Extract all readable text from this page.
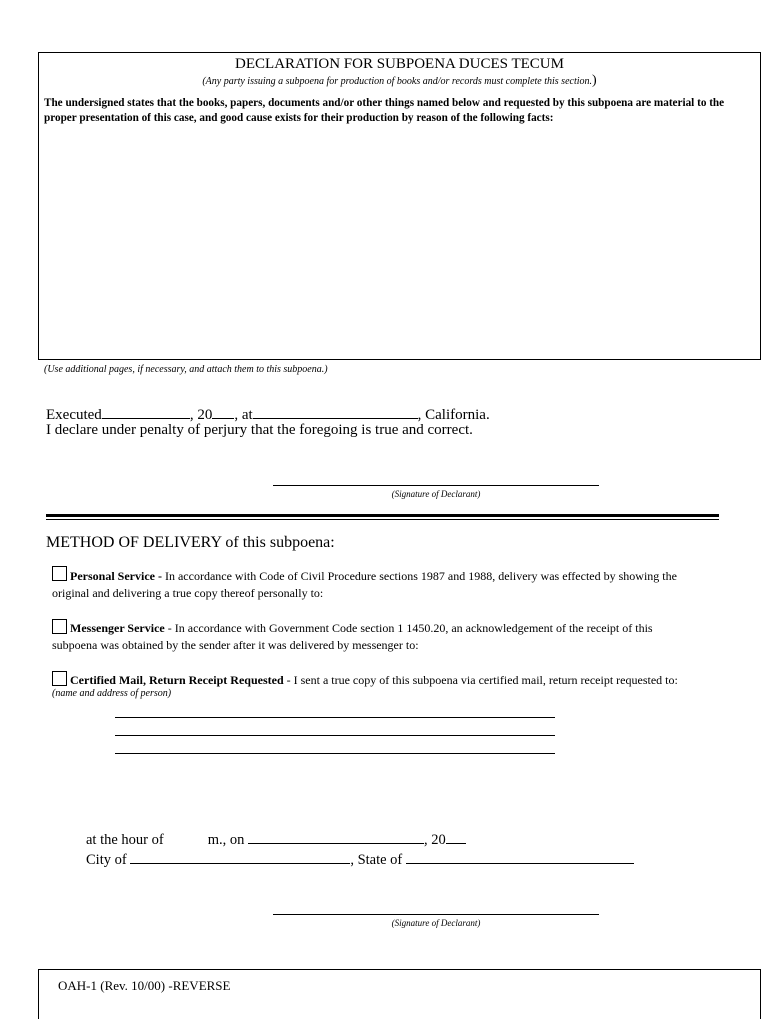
DECLARATION FOR SUBPOENA DUCES TECUM
(Any party issuing a subpoena for production of books and/or records must complete this section.)
The undersigned states that the books, papers, documents and/or other things named below and requested by this subpoena are material to the proper presentation of this case, and good cause exists for their production by reason of the following facts:
(Use additional pages, if necessary, and attach them to this subpoena.)
Executed	, 20 , at	, California.
I declare under penalty of perjury that the foregoing is true and correct.
(Signature of Declarant)
METHOD OF DELIVERY of this subpoena:
Personal Service - In accordance with Code of Civil Procedure sections 1987 and 1988, delivery was effected by showing the
original and delivering a true copy thereof personally to:
Messenger Service - In accordance with Government Code section 1 1450.20, an acknowledgement of the receipt of this
subpoena was obtained by the sender after it was delivered by messenger to:
Certified Mail, Return Receipt Requested - I sent a true copy of this subpoena via certified mail, return receipt requested to:
(name and address of person)
at the hour of	m., on	, 20
City of	, State of
(Signature of Declarant)
OAH-1 (Rev. 10/00) -REVERSE
